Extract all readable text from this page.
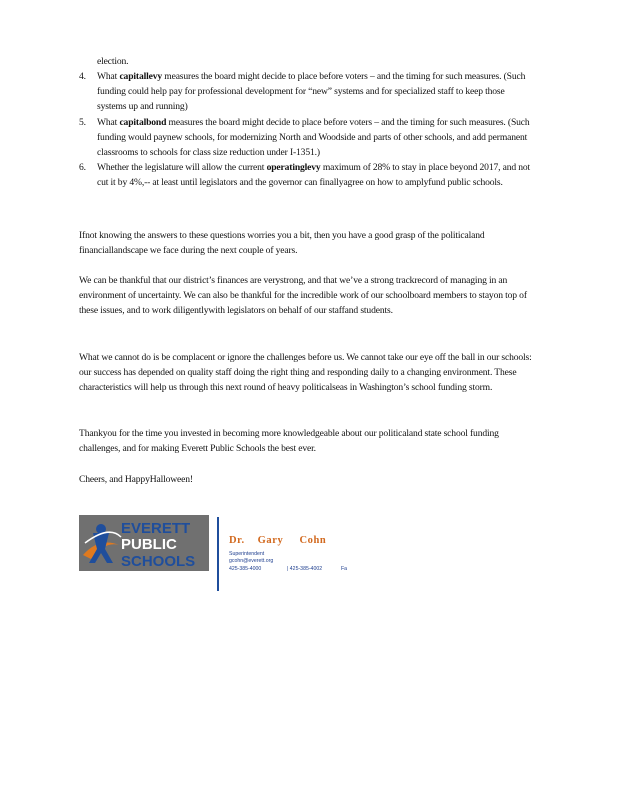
election.
4. What capitallevy measures the board might decide to place before voters – and the timing for such measures. (Such funding could help pay for professional development for “new” systems and for specialized staff to keep those systems up and running)
5. What capitalbond measures the board might decide to place before voters – and the timing for such measures. (Such funding would paynew schools, for modernizing North and Woodside and parts of other schools, and add permanent classrooms to schools for class size reduction under I-1351.)
6. Whether the legislature will allow the current operatinglevy maximum of 28% to stay in place beyond 2017, and not cut it by 4%,-- at least until legislators and the governor can finallyagree on how to amplyfund public schools.

Ifnot knowing the answers to these questions worries you a bit, then you have a good grasp of the politicaland financiallandscape we face during the next couple of years.

We can be thankful that our district’s finances are verystrong, and that we’ve a strong trackrecord of managing in an environment of uncertainty. We can also be thankful for the incredible work of our schoolboard members to stayon top of these issues, and to work diligentlywith legislators on behalf of our staffand students.

What we cannot do is be complacent or ignore the challenges before us. We cannot take our eye off the ball in our schools: our success has depended on quality staff doing the right thing and responding daily to a changing environment. These characteristics will help us through this next round of heavy politicalseas in Washington’s school funding storm.

Thankyou for the time you invested in becoming more knowledgeable about our politicaland state school funding challenges, and for making Everett Public Schools the best ever.

Cheers, and HappyHalloween!

EVERETT
PUBLIC
SCHOOLS
Dr.    Gary     Cohn
Superintendent
gcohn@everett.org
425-385-4000	| 425-385-4002	Fa
